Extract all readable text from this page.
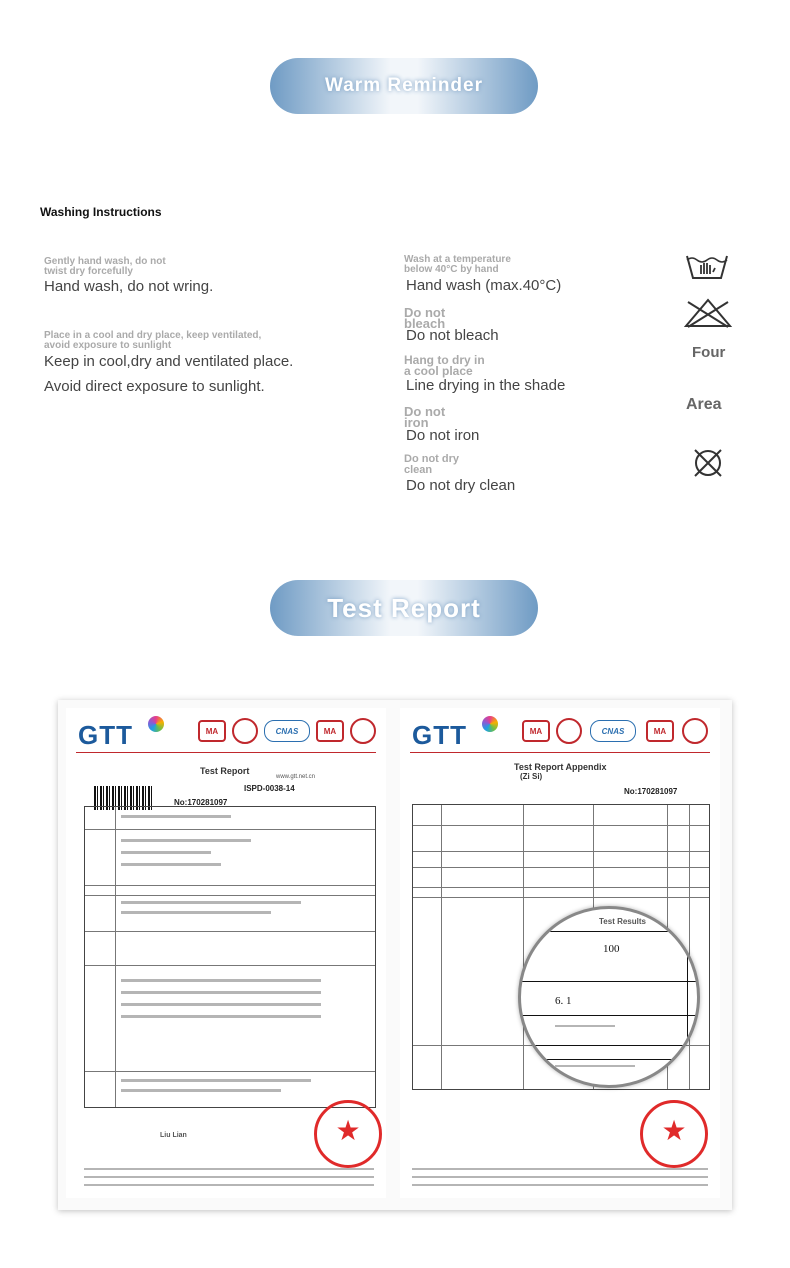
Warm Reminder
Washing Instructions
Gently hand wash, do not
twist dry forcefully
Hand wash, do not wring.
Place in a cool and dry place, keep ventilated,
avoid exposure to sunlight
Keep in cool,dry and ventilated place.
Avoid direct exposure to sunlight.
Wash at a temperature
below 40°C by hand
Hand wash (max.40°C)
Do not
bleach
Do not bleach
Hang to dry in
a cool place
Line drying in the shade
Do not
iron
Do not iron
Do not dry
clean
Do not dry clean
Four
Area
Test Report
GTT	MA	CNAS	MA
Test Report
www.gtt.net.cn
ISPD-0038-14
No:170281097
★
Liu Lian
GTT	MA	CNAS	MA
Test Report Appendix
(Zi Si)
No:170281097
Test Results
100
6. 1
★
